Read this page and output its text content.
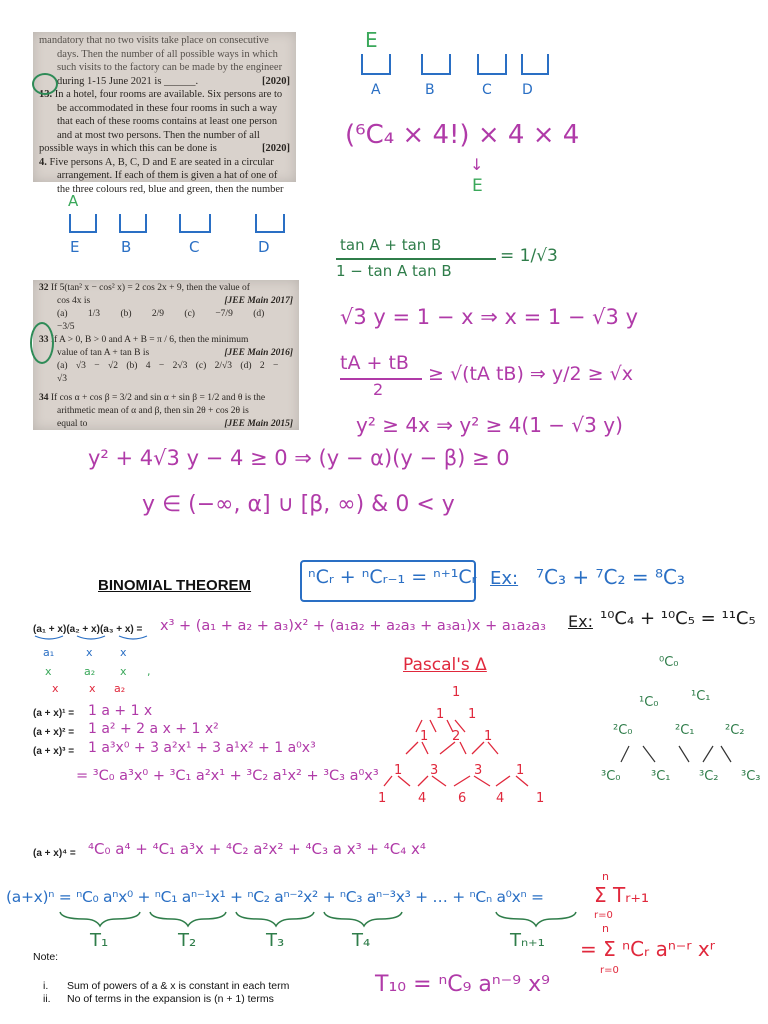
mandatory that no two visits take place on consecutive

days. Then the number of all possible ways in which

such visits to the factory can be made by the engineer

during 1-15 June 2021 is ______.	[2020]

13. In a hotel, four rooms are available. Six persons are to

be accommodated in these four rooms in such a way

that each of these rooms contains at least one person

and at most two persons. Then the number of all

possible ways in which this can be done is	[2020]

4. Five persons A, B, C, D and E are seated in a circular

arrangement. If each of them is given a hat of one of

the three colours red, blue and green, then the number

32 If 5(tan² x − cos² x) = 2 cos 2x + 9, then the value of

cos 4x is	[JEE Main 2017]

(a) 1/3 (b) 2/9 (c) −7/9 (d) −3/5

33 If A > 0, B > 0 and A + B = π / 6, then the minimum

value of tan A + tan B is	[JEE Main 2016]

(a) √3 − √2 (b) 4 − 2√3 (c) 2/√3 (d) 2 − √3

34 If cos α + cos β = 3/2 and sin α + sin β = 1/2 and θ is the

arithmetic mean of α and β, then sin 2θ + cos 2θ is

equal to	[JEE Main 2015]

E
A	B	C D
(⁶C₄ × 4!) × 4 × 4
↓
E
A
E	B	C	D	tan A + tan B
1 − tan A tan B
= 1/√3
√3 y = 1 − x ⇒ x = 1 − √3 y
tA + tB
2
≥ √(tA tB) ⇒ y/2 ≥ √x
y² ≥ 4x ⇒ y² ≥ 4(1 − √3 y)
y² + 4√3 y − 4 ≥ 0 ⇒ (y − α)(y − β) ≥ 0
y ∈ (−∞, α] ∪ [β, ∞) & 0 < y
BINOMIAL THEOREM	ⁿCᵣ + ⁿCᵣ₋₁ = ⁿ⁺¹Cᵣ Ex: ⁷C₃ + ⁷C₂ = ⁸C₃
Ex: ¹⁰C₄ + ¹⁰C₅ = ¹¹C₅
(a₁ + x)(a₂ + x)(a₃ + x) = x³ + (a₁ + a₂ + a₃)x² + (a₁a₂ + a₂a₃ + a₃a₁)x + a₁a₂a₃
a₁	x x
x	a₂ x ,
x	x a₂
(a + x)¹ = 1 a + 1 x
(a + x)² = 1 a² + 2 a x + 1 x²
(a + x)³ = 1 a³x⁰ + 3 a²x¹ + 3 a¹x² + 1 a⁰x³
= ³C₀ a³x⁰ + ³C₁ a²x¹ + ³C₂ a¹x² + ³C₃ a⁰x³
Pascal's Δ
1
1 1
1 2 1
1 3	3	1
1 4 6 4 1
⁰C₀
¹C₀	¹C₁
²C₀	²C₁ ²C₂
³C₀ ³C₁ ³C₂ ³C₃
(a + x)⁴ = ⁴C₀ a⁴ + ⁴C₁ a³x + ⁴C₂ a²x² + ⁴C₃ a x³ + ⁴C₄ x⁴
(a+x)ⁿ = ⁿC₀ aⁿx⁰ + ⁿC₁ aⁿ⁻¹x¹ + ⁿC₂ aⁿ⁻²x² + ⁿC₃ aⁿ⁻³x³ + … + ⁿCₙ a⁰xⁿ =
n
Σ Tᵣ₊₁
r=0
T₁	T₂	T₃	T₄	Tₙ₊₁
n
= Σ ⁿCᵣ aⁿ⁻ʳ xʳ
r=0
T₁₀ = ⁿC₉ aⁿ⁻⁹ x⁹
Note:
i. Sum of powers of a & x is constant in each term
ii. No of terms in the expansion is (n + 1) terms
